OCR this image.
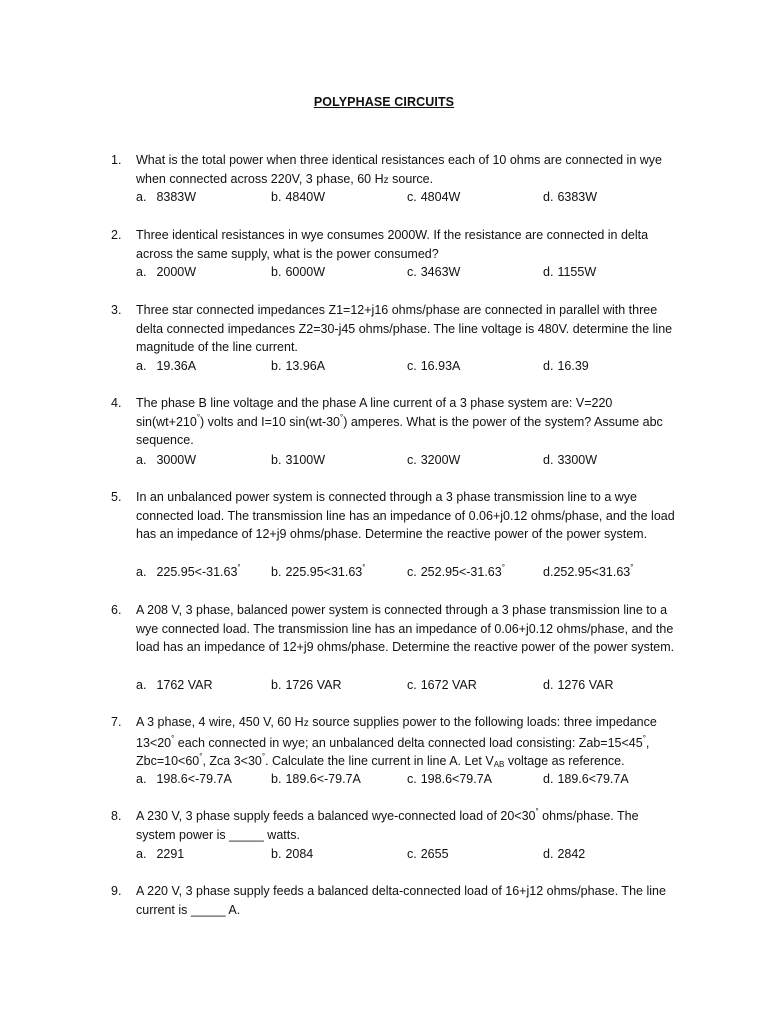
POLYPHASE CIRCUITS
1. What is the total power when three identical resistances each of 10 ohms are connected in wye when connected across 220V, 3 phase, 60 Hz source.
a. 8383W	b. 4840W	c. 4804W	d. 6383W
2. Three identical resistances in wye consumes 2000W. If the resistance are connected in delta across the same supply, what is the power consumed?
a. 2000W	b. 6000W	c. 3463W	d. 1155W
3. Three star connected impedances Z1=12+j16 ohms/phase are connected in parallel with three delta connected impedances Z2=30-j45 ohms/phase. The line voltage is 480V. determine the line magnitude of the line current.
a. 19.36A	b. 13.96A	c. 16.93A	d. 16.39
4. The phase B line voltage and the phase A line current of a 3 phase system are: V=220 sin(wt+210°) volts and I=10 sin(wt-30°) amperes. What is the power of the system? Assume abc sequence.
a. 3000W	b. 3100W	c. 3200W	d. 3300W
5. In an unbalanced power system is connected through a 3 phase transmission line to a wye connected load. The transmission line has an impedance of 0.06+j0.12 ohms/phase, and the load has an impedance of 12+j9 ohms/phase. Determine the reactive power of the power system.
a. 225.95<-31.63° b. 225.95<31.63°	c. 252.95<-31.63°	d.252.95<31.63°
6. A 208 V, 3 phase, balanced power system is connected through a 3 phase transmission line to a wye connected load. The transmission line has an impedance of 0.06+j0.12 ohms/phase, and the load has an impedance of 12+j9 ohms/phase. Determine the reactive power of the power system.
a. 1762 VAR	b. 1726 VAR	c. 1672 VAR	d. 1276 VAR
7. A 3 phase, 4 wire, 450 V, 60 Hz source supplies power to the following loads: three impedance 13<20° each connected in wye; an unbalanced delta connected load consisting: Zab=15<45°, Zbc=10<60°, Zca 3<30°. Calculate the line current in line A. Let $V_{AB}$ voltage as reference.
a. 198.6<-79.7A	b. 189.6<-79.7A	c. 198.6<79.7A	d. 189.6<79.7A
8. A 230 V, 3 phase supply feeds a balanced wye-connected load of 20<30° ohms/phase. The system power is _____ watts.
a. 2291	b. 2084	c. 2655	d. 2842
9. A 220 V, 3 phase supply feeds a balanced delta-connected load of 16+j12 ohms/phase. The line current is _____ A.
